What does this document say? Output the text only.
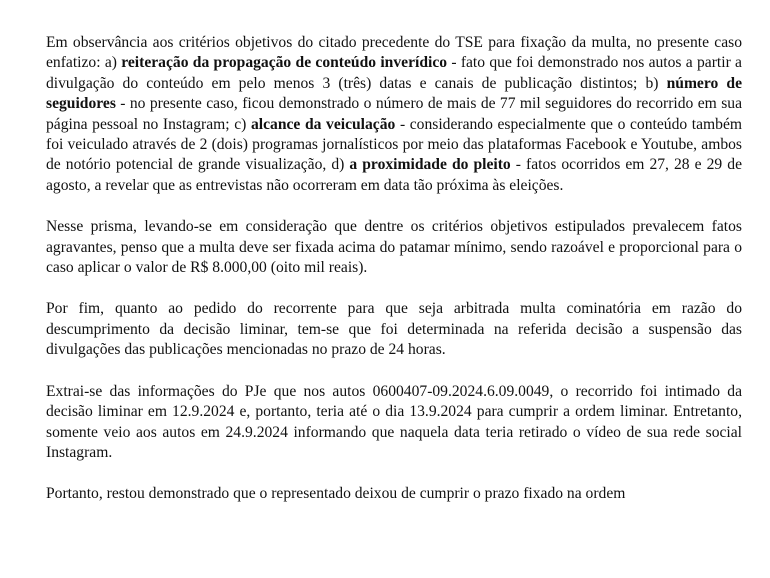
Em observância aos critérios objetivos do citado precedente do TSE para fixação da multa, no presente caso enfatizo: a) reiteração da propagação de conteúdo inverídico - fato que foi demonstrado nos autos a partir a divulgação do conteúdo em pelo menos 3 (três) datas e canais de publicação distintos; b) número de seguidores - no presente caso, ficou demonstrado o número de mais de 77 mil seguidores do recorrido em sua página pessoal no Instagram; c) alcance da veiculação - considerando especialmente que o conteúdo também foi veiculado através de 2 (dois) programas jornalísticos por meio das plataformas Facebook e Youtube, ambos de notório potencial de grande visualização, d) a proximidade do pleito - fatos ocorridos em 27, 28 e 29 de agosto, a revelar que as entrevistas não ocorreram em data tão próxima às eleições.

Nesse prisma, levando-se em consideração que dentre os critérios objetivos estipulados prevalecem fatos agravantes, penso que a multa deve ser fixada acima do patamar mínimo, sendo razoável e proporcional para o caso aplicar o valor de R$ 8.000,00 (oito mil reais).

Por fim, quanto ao pedido do recorrente para que seja arbitrada multa cominatória em razão do descumprimento da decisão liminar, tem-se que foi determinada na referida decisão a suspensão das divulgações das publicações mencionadas no prazo de 24 horas.

Extrai-se das informações do PJe que nos autos 0600407-09.2024.6.09.0049, o recorrido foi intimado da decisão liminar em 12.9.2024 e, portanto, teria até o dia 13.9.2024 para cumprir a ordem liminar. Entretanto, somente veio aos autos em 24.9.2024 informando que naquela data teria retirado o vídeo de sua rede social Instagram.

Portanto, restou demonstrado que o representado deixou de cumprir o prazo fixado na ordem
